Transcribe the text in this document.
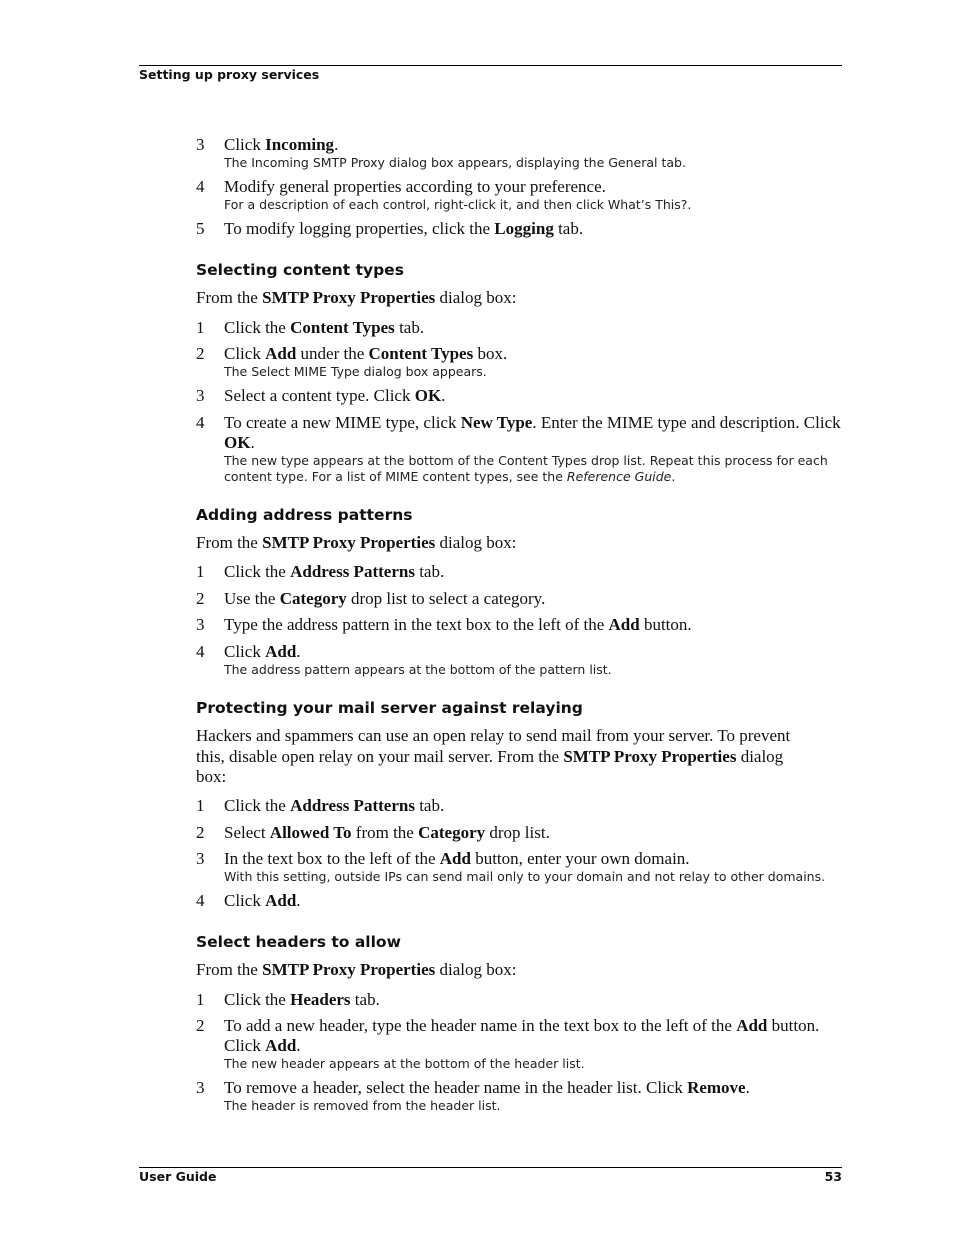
Setting up proxy services
3 Click Incoming.
The Incoming SMTP Proxy dialog box appears, displaying the General tab.
4 Modify general properties according to your preference.
For a description of each control, right-click it, and then click What’s This?.
5 To modify logging properties, click the Logging tab.
Selecting content types
From the SMTP Proxy Properties dialog box:
1 Click the Content Types tab.
2 Click Add under the Content Types box.
The Select MIME Type dialog box appears.
3 Select a content type. Click OK.
4 To create a new MIME type, click New Type. Enter the MIME type and description. Click OK.
The new type appears at the bottom of the Content Types drop list. Repeat this process for each content type. For a list of MIME content types, see the Reference Guide.
Adding address patterns
From the SMTP Proxy Properties dialog box:
1 Click the Address Patterns tab.
2 Use the Category drop list to select a category.
3 Type the address pattern in the text box to the left of the Add button.
4 Click Add.
The address pattern appears at the bottom of the pattern list.
Protecting your mail server against relaying
Hackers and spammers can use an open relay to send mail from your server. To prevent this, disable open relay on your mail server. From the SMTP Proxy Properties dialog box:
1 Click the Address Patterns tab.
2 Select Allowed To from the Category drop list.
3 In the text box to the left of the Add button, enter your own domain.
With this setting, outside IPs can send mail only to your domain and not relay to other domains.
4 Click Add.
Select headers to allow
From the SMTP Proxy Properties dialog box:
1 Click the Headers tab.
2 To add a new header, type the header name in the text box to the left of the Add button. Click Add.
The new header appears at the bottom of the header list.
3 To remove a header, select the header name in the header list. Click Remove.
The header is removed from the header list.
User Guide	53
